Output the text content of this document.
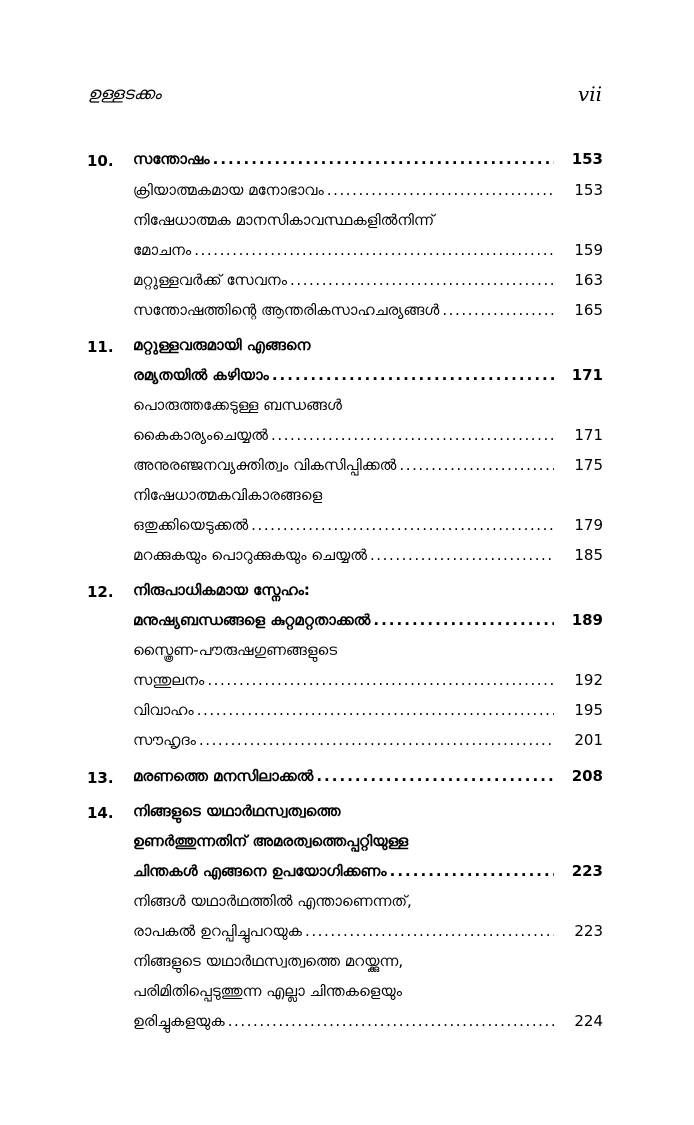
ഉള്ളടക്കം	vii
10. സന്തോഷം . . .	153
ക്രിയാത്മകമായ മനോഭാവം . . .	153
നിഷേധാത്മക മാനസികാവസ്ഥകളിൽനിന്ന്
മോചനം . . .	159
മറ്റുള്ളവർക്ക് സേവനം . . .	163
സന്തോഷത്തിന്റെ ആന്തരികസാഹചര്യങ്ങൾ . . .	165
11. മറ്റുള്ളവരുമായി എങ്ങനെ
രമ്യതയിൽ കഴിയാം . . .	171
പൊരുത്തക്കേടുള്ള ബന്ധങ്ങൾ
കൈകാര്യംചെയ്യൽ . . .	171
അനുരഞ്ജനവ്യക്തിത്വം വികസിപ്പിക്കൽ . . .	175
നിഷേധാത്മകവികാരങ്ങളെ
ഒതുക്കിയെടുക്കൽ . . .	179
മറക്കുകയും പൊറുക്കുകയും ചെയ്യൽ . . .	185
12. നിരുപാധികമായ സ്നേഹം:
മനുഷ്യബന്ധങ്ങളെ കുറ്റമറ്റതാക്കൽ . . .	189
സ്ത്രൈണ-പൗരുഷഗുണങ്ങളുടെ
സന്തുലനം . . .	192
വിവാഹം . . .	195
സൗഹൃദം . . .	201
13. മരണത്തെ മനസിലാക്കൽ . . .	208
14. നിങ്ങളുടെ യഥാർഥസ്വത്വത്തെ
ഉണർത്തുന്നതിന് അമരത്വത്തെപ്പറ്റിയുള്ള
ചിന്തകൾ എങ്ങനെ ഉപയോഗിക്കണം . . .	223
നിങ്ങൾ യഥാർഥത്തിൽ എന്താണെന്നത്,
രാപകൽ ഉറപ്പിച്ചുപറയുക . . .	223
നിങ്ങളുടെ യഥാർഥസ്വത്വത്തെ മറയ്ക്കുന്ന,
പരിമിതിപ്പെടുത്തുന്ന എല്ലാ ചിന്തകളെയും
ഉരിച്ചുകളയുക . . .	224
